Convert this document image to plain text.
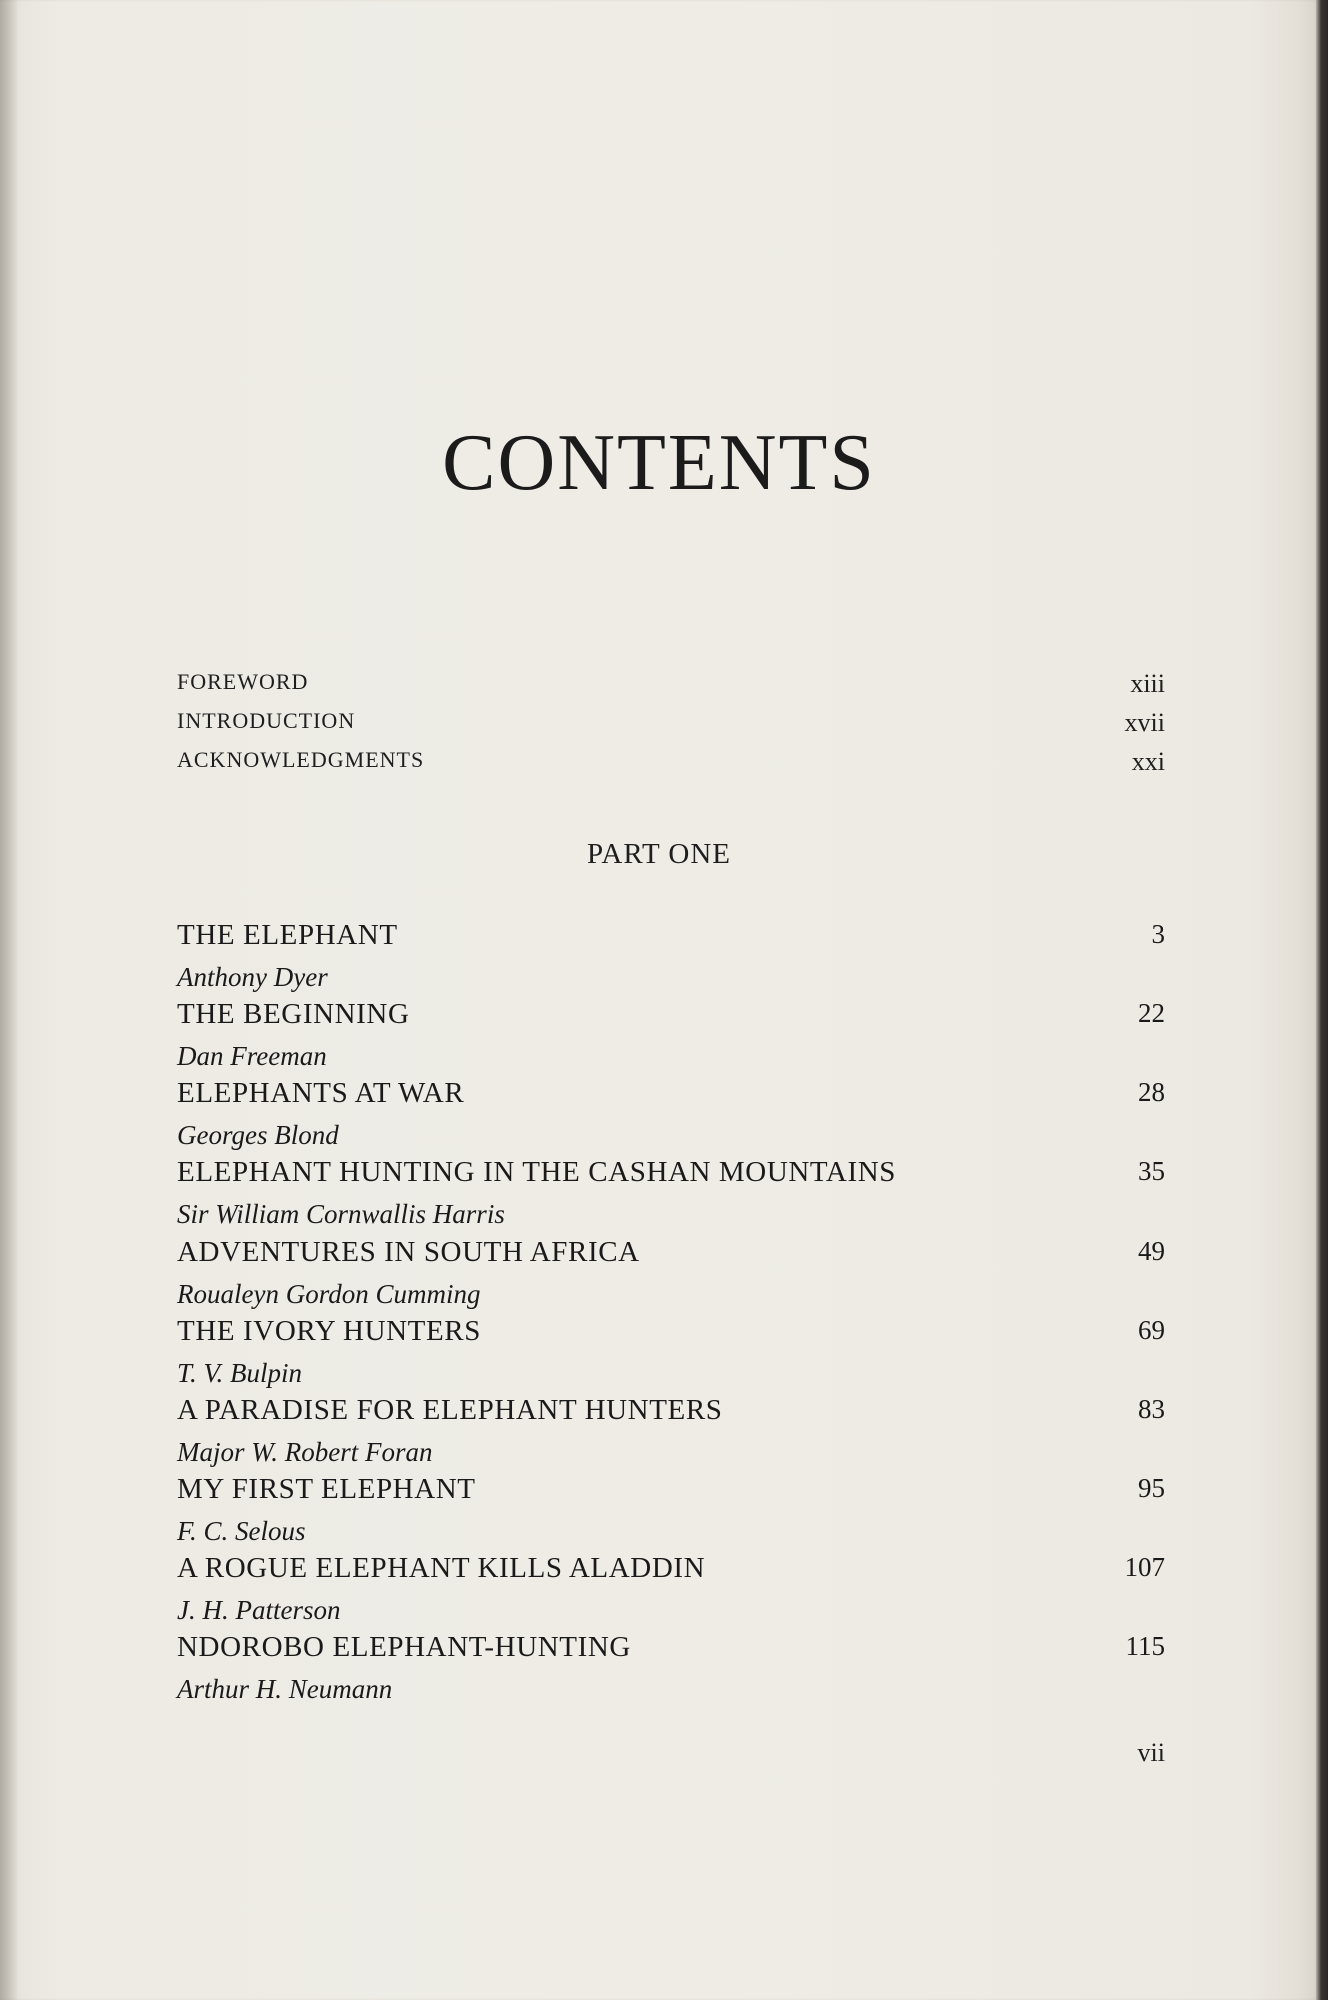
CONTENTS
FOREWORD	xiii
INTRODUCTION	xvii
ACKNOWLEDGMENTS	xxi
PART ONE
THE ELEPHANT	3
Anthony Dyer
THE BEGINNING	22
Dan Freeman
ELEPHANTS AT WAR	28
Georges Blond
ELEPHANT HUNTING IN THE CASHAN MOUNTAINS	35
Sir William Cornwallis Harris
ADVENTURES IN SOUTH AFRICA	49
Roualeyn Gordon Cumming
THE IVORY HUNTERS	69
T. V. Bulpin
A PARADISE FOR ELEPHANT HUNTERS	83
Major W. Robert Foran
MY FIRST ELEPHANT	95
F. C. Selous
A ROGUE ELEPHANT KILLS ALADDIN	107
J. H. Patterson
NDOROBO ELEPHANT-HUNTING	115
Arthur H. Neumann
vii
